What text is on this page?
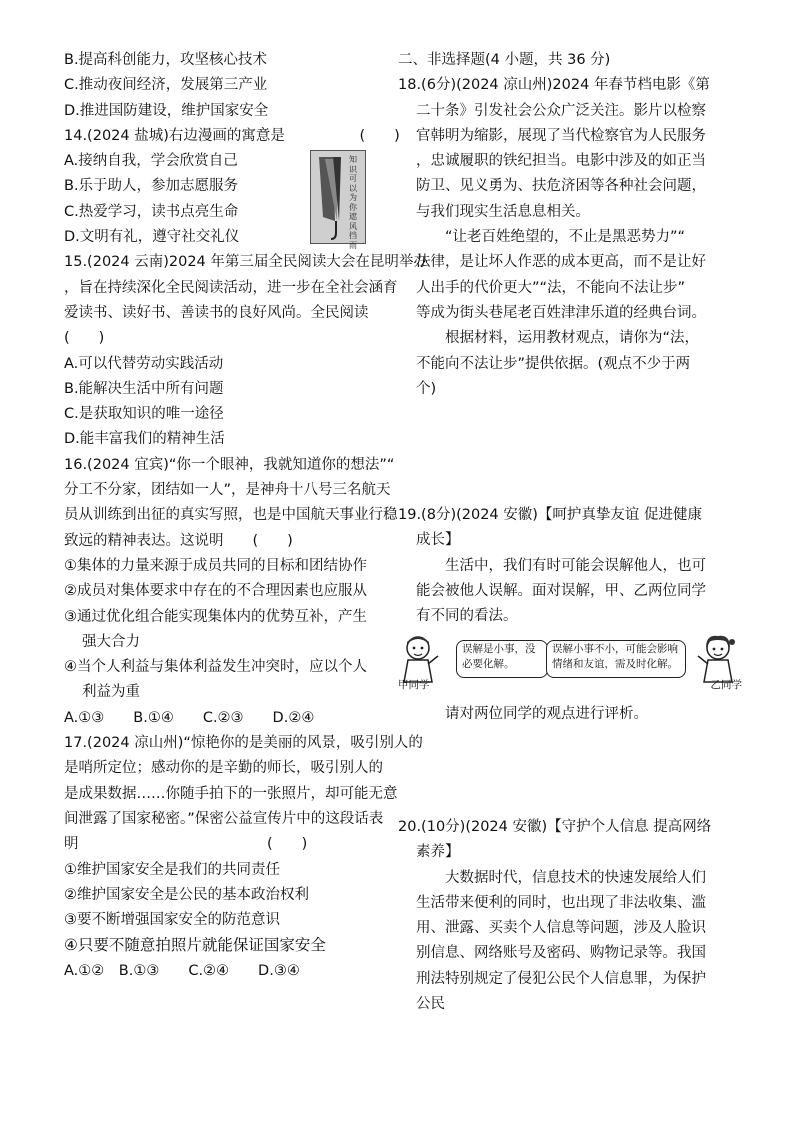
B.提高科创能力，攻坚核心技术
C.推动夜间经济，发展第三产业
D.推进国防建设，维护国家安全
14.(2024 盐城)右边漫画的寓意是	(　　)
A.接纳自我，学会欣赏自己
B.乐于助人，参加志愿服务
C.热爱学习，读书点亮生命
D.文明有礼，遵守社交礼仪
15.(2024 云南)2024 年第三届全民阅读大会在昆明举办
，旨在持续深化全民阅读活动，进一步在全社会涵育
爱读书、读好书、善读书的良好风尚。全民阅读
(　　)
A.可以代替劳动实践活动
B.能解决生活中所有问题
C.是获取知识的唯一途径
D.能丰富我们的精神生活
16.(2024 宜宾)“你一个眼神，我就知道你的想法”“
分工不分家，团结如一人”，是神舟十八号三名航天
员从训练到出征的真实写照，也是中国航天事业行稳
致远的精神表达。这说明　　(　　)
①集体的力量来源于成员共同的目标和团结协作
②成员对集体要求中存在的不合理因素也应服从
③通过优化组合能实现集体内的优势互补，产生
强大合力
④当个人利益与集体利益发生冲突时，应以个人
利益为重
A.①③　　B.①④　　C.②③　　D.②④
17.(2024 凉山州)“惊艳你的是美丽的风景，吸引别人的
是哨所定位；感动你的是辛勤的师长，吸引别人的
是成果数据……你随手拍下的一张照片，却可能无意
间泄露了国家秘密。”保密公益宣传片中的这段话表
明　　　　　　　　　　　　　(　　)
①维护国家安全是我们的共同责任
②维护国家安全是公民的基本政治权利
③要不断增强国家安全的防范意识
④只要不随意拍照片就能保证国家安全
A.①②　B.①③　　C.②④　　D.③④
知识可以为你遮风挡雨
二、非选择题(4 小题，共 36 分)
18.(6分)(2024 凉山州)2024 年春节档电影《第
二十条》引发社会公众广泛关注。影片以检察
官韩明为缩影，展现了当代检察官为人民服务
，忠诚履职的铁纪担当。电影中涉及的如正当
防卫、见义勇为、扶危济困等各种社会问题，
与我们现实生活息息相关。
“让老百姓绝望的，不止是黑恶势力”“
法律，是让坏人作恶的成本更高，而不是让好
人出手的代价更大”“法，不能向不法让步”
等成为街头巷尾老百姓津津乐道的经典台词。
根据材料，运用教材观点，请你为“法，
不能向不法让步”提供依据。(观点不少于两
个)
19.(8分)(2024 安徽)【呵护真挚友谊 促进健康
成长】
生活中，我们有时可能会误解他人，也可
能会被他人误解。面对误解，甲、乙两位同学
有不同的看法。
误解是小事，没
必要化解。
误解小事不小，可能会影响
情绪和友谊，需及时化解。
甲同学	乙同学
请对两位同学的观点进行评析。
20.(10分)(2024 安徽)【守护个人信息 提高网络
素养】
大数据时代，信息技术的快速发展给人们
生活带来便利的同时，也出现了非法收集、滥
用、泄露、买卖个人信息等问题，涉及人脸识
别信息、网络账号及密码、购物记录等。我国
刑法特别规定了侵犯公民个人信息罪，为保护
公民
